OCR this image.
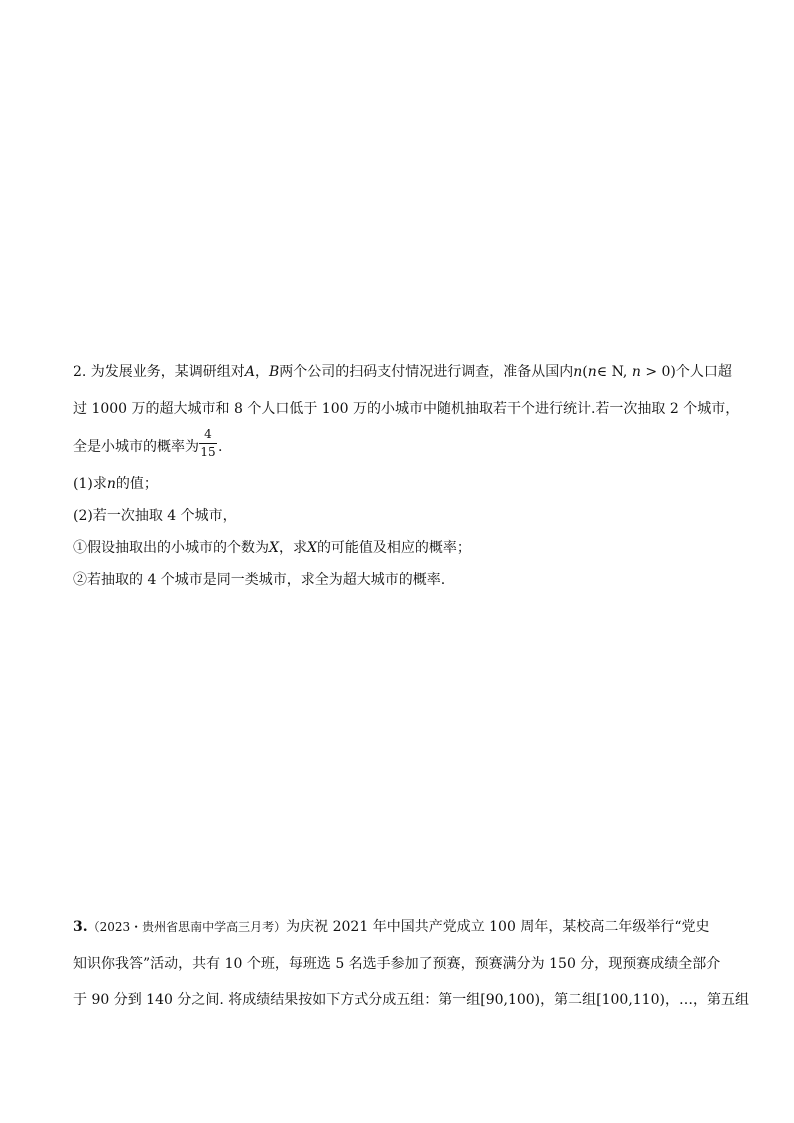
2. 为发展业务，某调研组对A，B两个公司的扫码支付情况进行调查，准备从国内n(n∈ N, n > 0)个人口超
过 1000 万的超大城市和 8 个人口低于 100 万的小城市中随机抽取若干个进行统计.若一次抽取 2 个城市，
全是小城市的概率为
4
15 .
(1)求n的值；
(2)若一次抽取 4 个城市，
①假设抽取出的小城市的个数为X，求X的可能值及相应的概率；
②若抽取的 4 个城市是同一类城市，求全为超大城市的概率.
3.（2023・贵州省思南中学高三月考）为庆祝 2021 年中国共产党成立 100 周年，某校高二年级举行“党史
知识你我答”活动，共有 10 个班，每班选 5 名选手参加了预赛，预赛满分为 150 分，现预赛成绩全部介
于 90 分到 140 分之间. 将成绩结果按如下方式分成五组：第一组[90,100)，第二组[100,110)，…，第五组
